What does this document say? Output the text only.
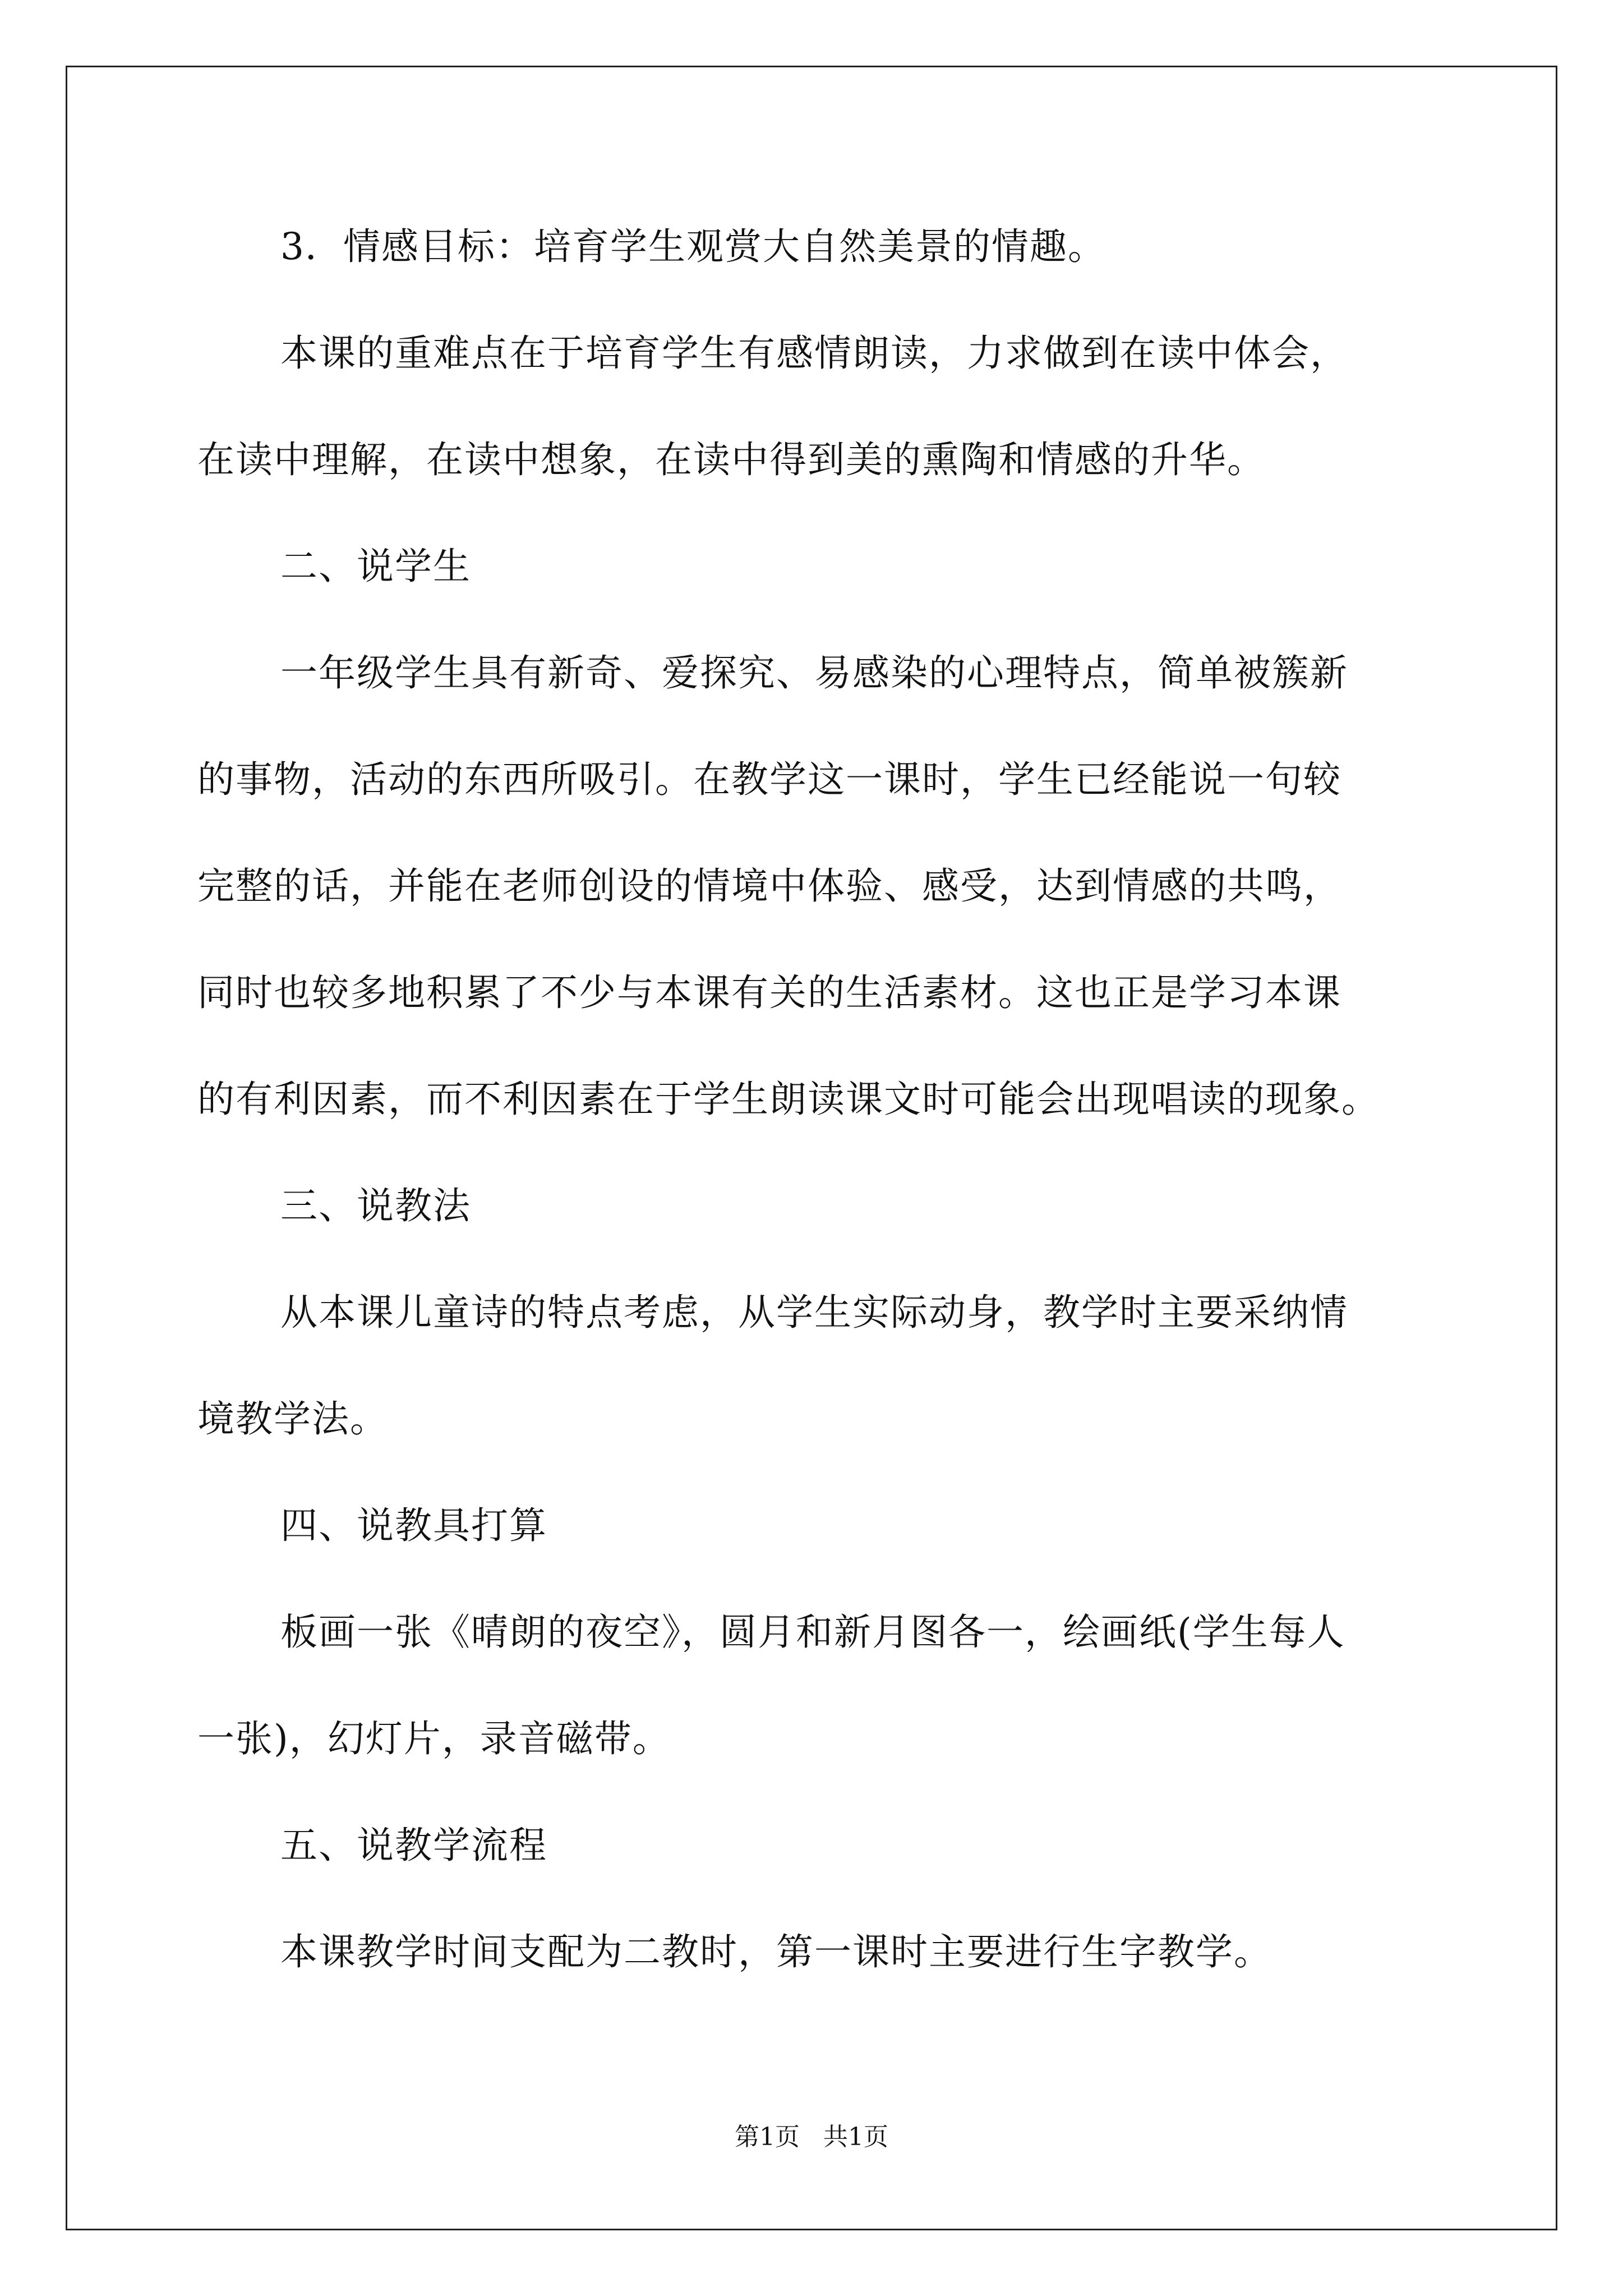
3．情感目标：培育学生观赏大自然美景的情趣。
本课的重难点在于培育学生有感情朗读，力求做到在读中体会，
在读中理解，在读中想象，在读中得到美的熏陶和情感的升华。
二、说学生
一年级学生具有新奇、爱探究、易感染的心理特点，简单被簇新
的事物，活动的东西所吸引。在教学这一课时，学生已经能说一句较
完整的话，并能在老师创设的情境中体验、感受，达到情感的共鸣，
同时也较多地积累了不少与本课有关的生活素材。这也正是学习本课
的有利因素，而不利因素在于学生朗读课文时可能会出现唱读的现象。
三、说教法
从本课儿童诗的特点考虑，从学生实际动身，教学时主要采纳情
境教学法。
四、说教具打算
板画一张《晴朗的夜空》，圆月和新月图各一，绘画纸(学生每人
一张)，幻灯片，录音磁带。
五、说教学流程
本课教学时间支配为二教时，第一课时主要进行生字教学。
第1页   共1页
